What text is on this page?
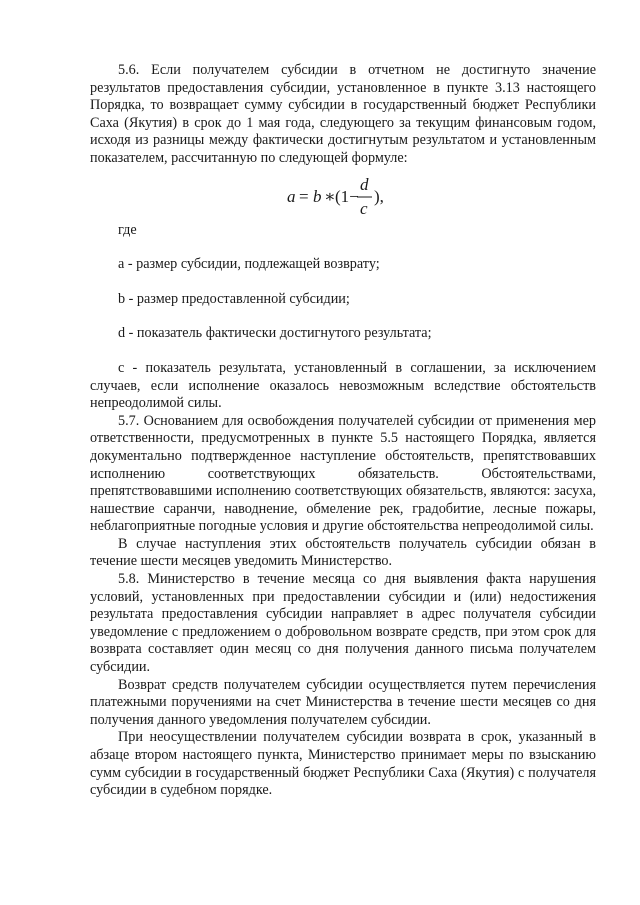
5.6. Если получателем субсидии в отчетном не достигнуто значение результатов предоставления субсидии, установленное в пункте 3.13 настоящего Порядка, то возвращает сумму субсидии в государственный бюджет Республики Саха (Якутия) в срок до 1 мая года, следующего за текущим финансовым годом, исходя из разницы между фактически достигнутым результатом и установленным показателем, рассчитанную по следующей формуле:

a = b ∗ (1−
d
c
),

где

a - размер субсидии, подлежащей возврату;

b - размер предоставленной субсидии;

d - показатель фактически достигнутого результата;

c - показатель результата, установленный в соглашении, за исключением случаев, если исполнение оказалось невозможным вследствие обстоятельств непреодолимой силы.

5.7. Основанием для освобождения получателей субсидии от применения мер ответственности, предусмотренных в пункте 5.5 настоящего Порядка, является документально подтвержденное наступление обстоятельств, препятствовавших исполнению соответствующих обязательств. Обстоятельствами, препятствовавшими исполнению соответствующих обязательств, являются: засуха, нашествие саранчи, наводнение, обмеление рек, градобитие, лесные пожары, неблагоприятные погодные условия и другие обстоятельства непреодолимой силы.

В случае наступления этих обстоятельств получатель субсидии обязан в течение шести месяцев уведомить Министерство.

5.8. Министерство в течение месяца со дня выявления факта нарушения условий, установленных при предоставлении субсидии и (или) недостижения результата предоставления субсидии направляет в адрес получателя субсидии уведомление с предложением о добровольном возврате средств, при этом срок для возврата составляет один месяц со дня получения данного письма получателем субсидии.

Возврат средств получателем субсидии осуществляется путем перечисления платежными поручениями на счет Министерства в течение шести месяцев со дня получения данного уведомления получателем субсидии.

При неосуществлении получателем субсидии возврата в срок, указанный в абзаце втором настоящего пункта, Министерство принимает меры по взысканию сумм субсидии в государственный бюджет Республики Саха (Якутия) с получателя субсидии в судебном порядке.
